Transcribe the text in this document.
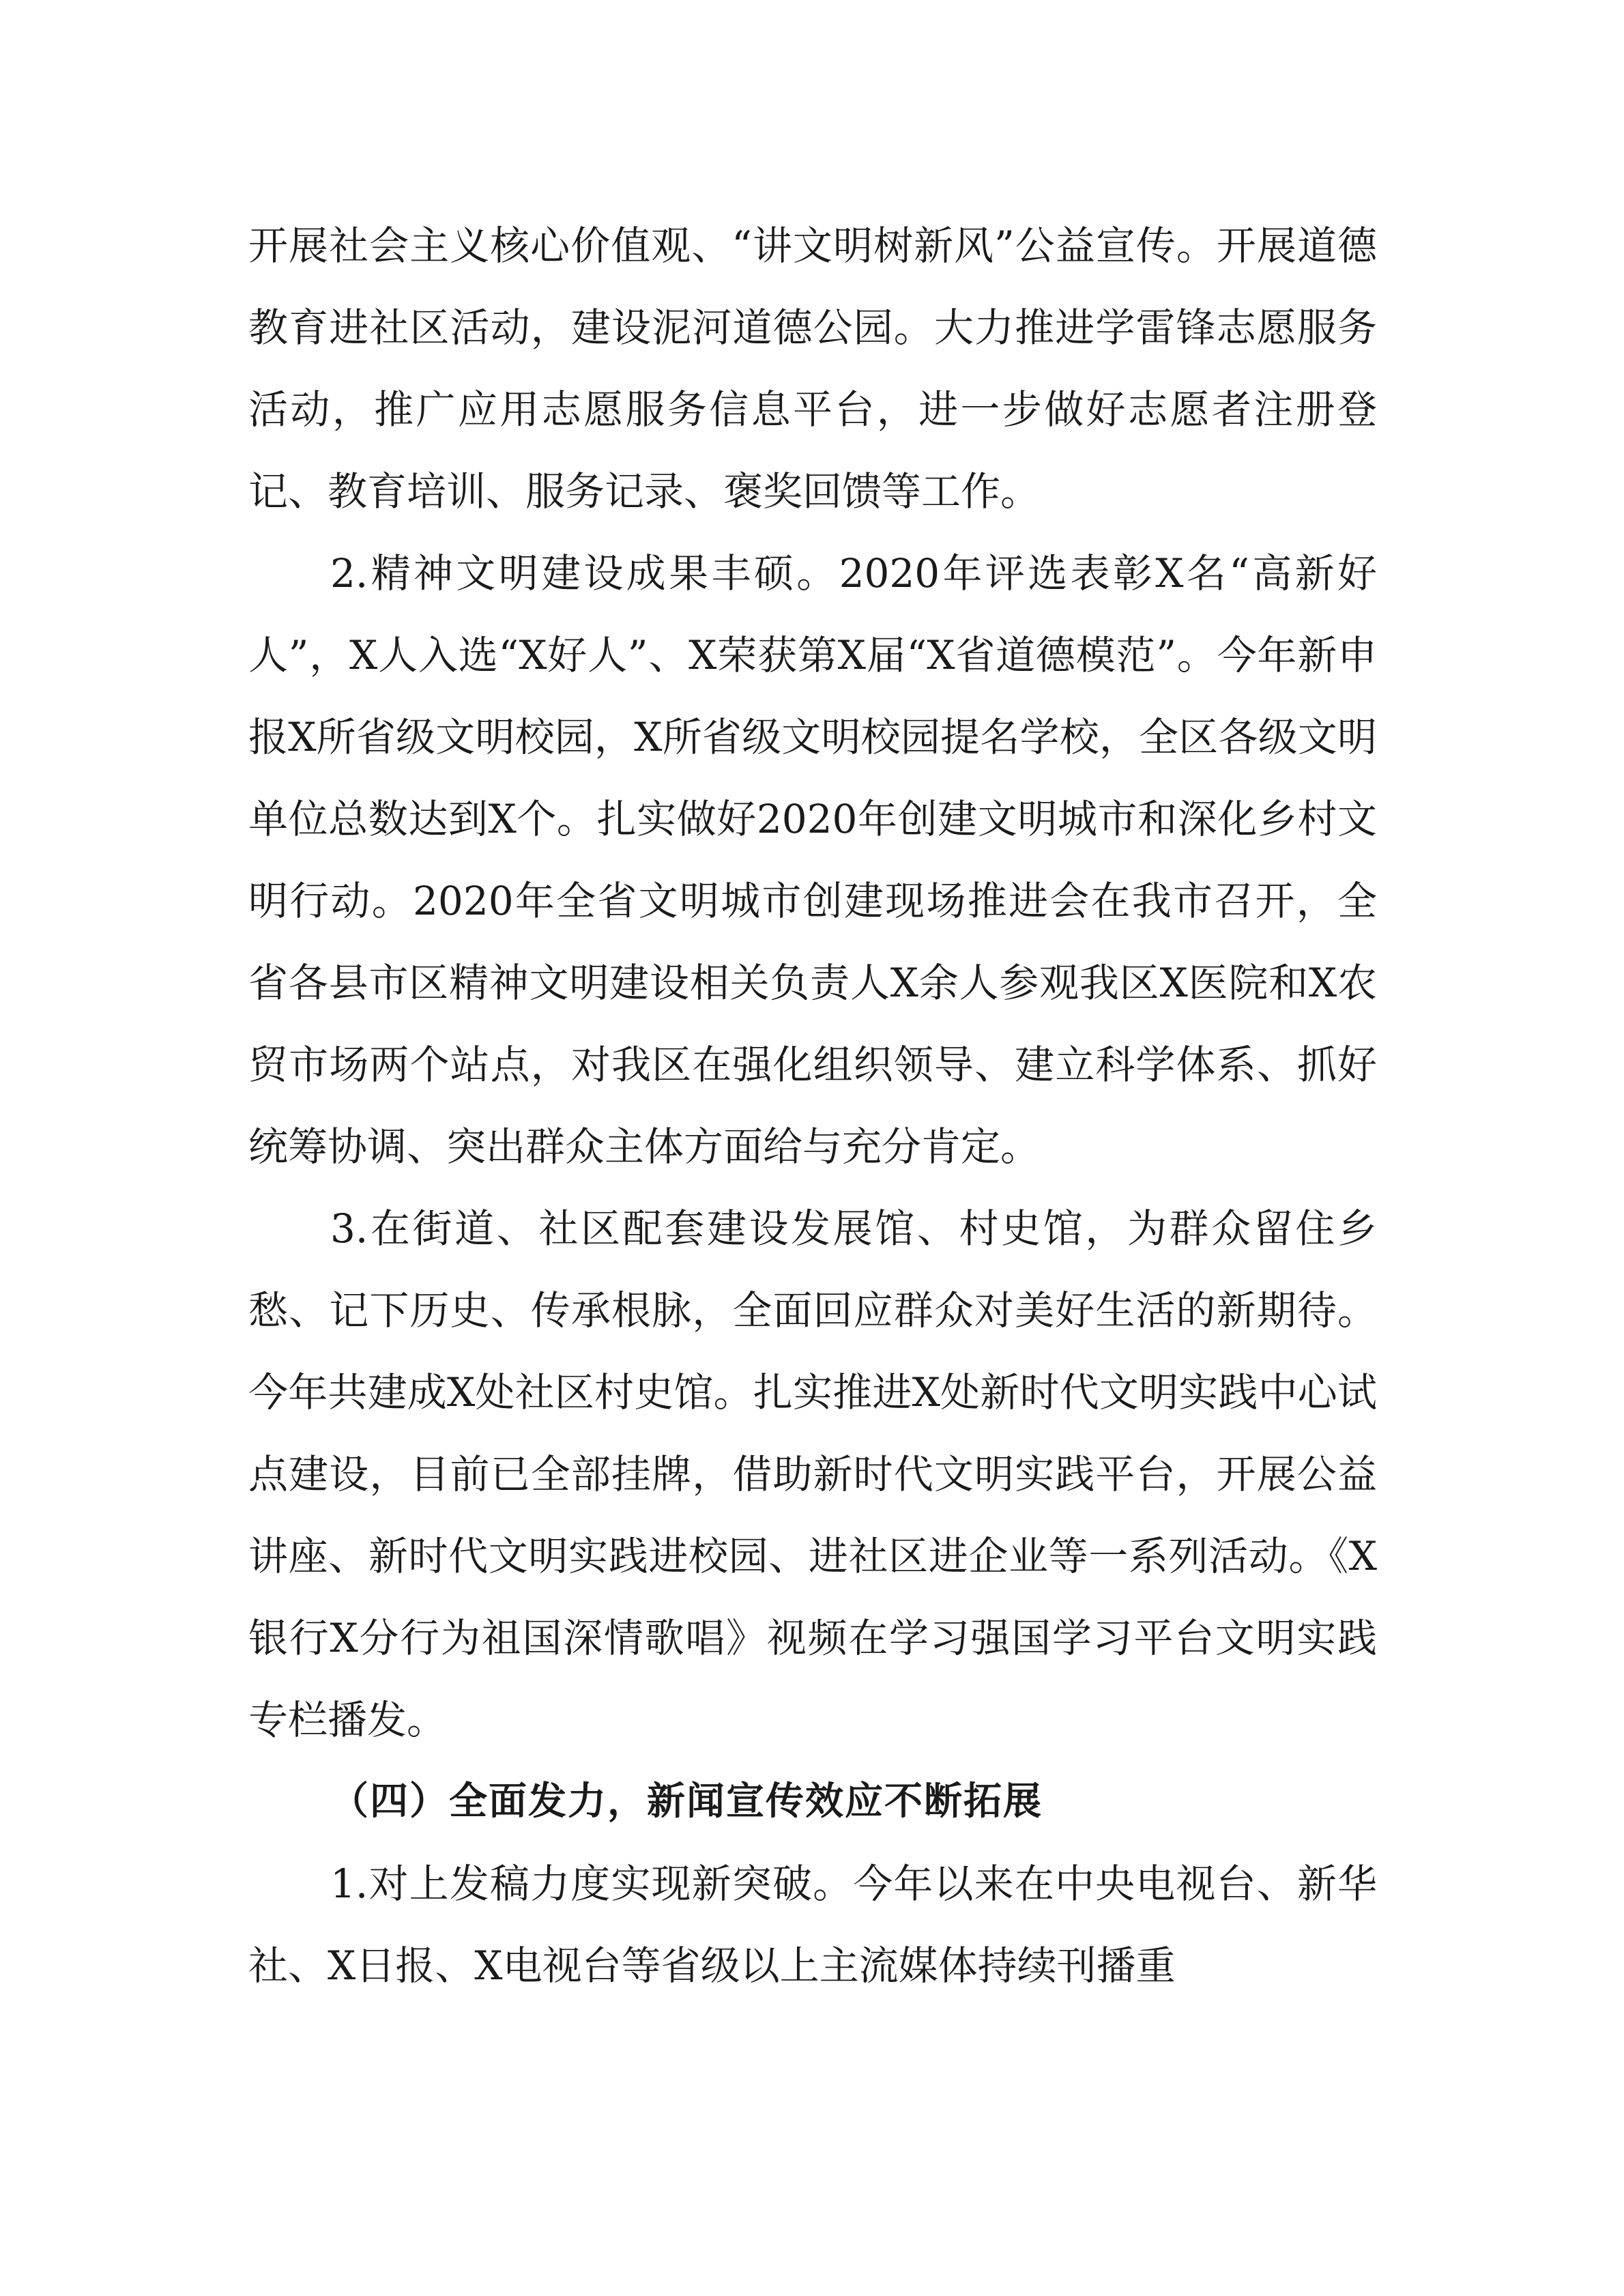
开展社会主义核心价值观、“讲文明树新风”公益宣传。开展道德教育进社区活动，建设泥河道德公园。大力推进学雷锋志愿服务活动，推广应用志愿服务信息平台，进一步做好志愿者注册登记、教育培训、服务记录、褒奖回馈等工作。

2.精神文明建设成果丰硕。2020年评选表彰X名“高新好人”，X人入选“X好人”、X荣获第X届“X省道德模范”。今年新申报X所省级文明校园，X所省级文明校园提名学校，全区各级文明单位总数达到X个。扎实做好2020年创建文明城市和深化乡村文明行动。2020年全省文明城市创建现场推进会在我市召开，全省各县市区精神文明建设相关负责人X余人参观我区X医院和X农贸市场两个站点，对我区在强化组织领导、建立科学体系、抓好统筹协调、突出群众主体方面给与充分肯定。

3.在街道、社区配套建设发展馆、村史馆，为群众留住乡愁、记下历史、传承根脉，全面回应群众对美好生活的新期待。今年共建成X处社区村史馆。扎实推进X处新时代文明实践中心试点建设，目前已全部挂牌，借助新时代文明实践平台，开展公益讲座、新时代文明实践进校园、进社区进企业等一系列活动。《X银行X分行为祖国深情歌唱》视频在学习强国学习平台文明实践专栏播发。

（四）全面发力，新闻宣传效应不断拓展

1.对上发稿力度实现新突破。今年以来在中央电视台、新华社、X日报、X电视台等省级以上主流媒体持续刊播重
